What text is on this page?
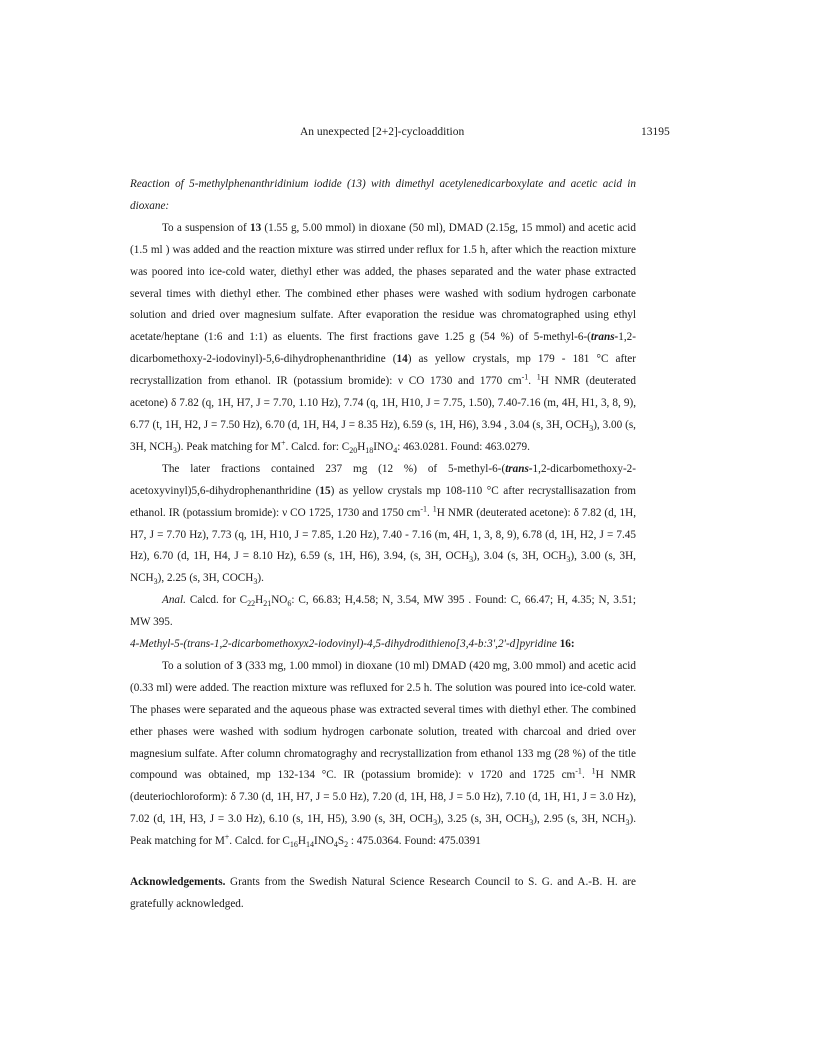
An unexpected [2+2]-cycloaddition	13195

Reaction of 5-methylphenanthridinium iodide (13) with dimethyl acetylenedicarboxylate and acetic acid in dioxane:

To a suspension of 13 (1.55 g, 5.00 mmol) in dioxane (50 ml), DMAD (2.15g, 15 mmol) and acetic acid (1.5 ml ) was added and the reaction mixture was stirred under reflux for 1.5 h, after which the reaction mixture was poored into ice-cold water, diethyl ether was added, the phases separated and the water phase extracted several times with diethyl ether. The combined ether phases were washed with sodium hydrogen carbonate solution and dried over magnesium sulfate. After evaporation the residue was chromatographed using ethyl acetate/heptane (1:6 and 1:1) as eluents. The first fractions gave 1.25 g (54 %) of 5-methyl-6-(trans-1,2-dicarbomethoxy-2-iodovinyl)-5,6-dihydrophenanthridine (14) as yellow crystals, mp 179 - 181 °C after recrystallization from ethanol. IR (potassium bromide): ν CO 1730 and 1770 $cm^{-1}$. $^1$H NMR (deuterated acetone) δ 7.82 (q, 1H, H7, J = 7.70, 1.10 Hz), 7.74 (q, 1H, H10, J = 7.75, 1.50), 7.40-7.16 (m, 4H, H1, 3, 8, 9), 6.77 (t, 1H, H2, J = 7.50 Hz), 6.70 (d, 1H, H4, J = 8.35 Hz), 6.59 (s, 1H, H6), 3.94 , 3.04 (s, 3H, $OCH_3$), 3.00 (s, 3H, $NCH_3$). Peak matching for M+. Calcd. for: $C_{20}H_{18}INO_4$: 463.0281. Found: 463.0279.

The later fractions contained 237 mg (12 %) of 5-methyl-6-(trans-1,2-dicarbomethoxy-2-acetoxyvinyl)5,6-dihydrophenanthridine (15) as yellow crystals mp 108-110 °C after recrystallisazation from ethanol. IR (potassium bromide): ν CO 1725, 1730 and 1750 $cm^{-1}$. $^1$H NMR (deuterated acetone): δ 7.82 (d, 1H, H7, J = 7.70 Hz), 7.73 (q, 1H, H10, J = 7.85, 1.20 Hz), 7.40 - 7.16 (m, 4H, 1, 3, 8, 9), 6.78 (d, 1H, H2, J = 7.45 Hz), 6.70 (d, 1H, H4, J = 8.10 Hz), 6.59 (s, 1H, H6), 3.94, (s, 3H, $OCH_3$), 3.04 (s, 3H, $OCH_3$), 3.00 (s, 3H, $NCH_3$), 2.25 (s, 3H, $COCH_3$).

Anal. Calcd. for $C_{22}H_{21}NO_6$: C, 66.83; H,4.58; N, 3.54, MW 395 . Found: C, 66.47; H, 4.35; N, 3.51; MW 395.

4-Methyl-5-(trans-1,2-dicarbomethoxyx2-iodovinyl)-4,5-dihydrodithieno[3,4-b:3',2'-d]pyridine 16:

To a solution of 3 (333 mg, 1.00 mmol) in dioxane (10 ml) DMAD (420 mg, 3.00 mmol) and acetic acid (0.33 ml) were added. The reaction mixture was refluxed for 2.5 h. The solution was poured into ice-cold water. The phases were separated and the aqueous phase was extracted several times with diethyl ether. The combined ether phases were washed with sodium hydrogen carbonate solution, treated with charcoal and dried over magnesium sulfate. After column chromatograghy and recrystallization from ethanol 133 mg (28 %) of the title compound was obtained, mp 132-134 °C. IR (potassium bromide): ν 1720 and 1725 $cm^{-1}$. $^1$H NMR (deuteriochloroform): δ 7.30 (d, 1H, H7, J = 5.0 Hz), 7.20 (d, 1H, H8, J = 5.0 Hz), 7.10 (d, 1H, H1, J = 3.0 Hz), 7.02 (d, 1H, H3, J = 3.0 Hz), 6.10 (s, 1H, H5), 3.90 (s, 3H, $OCH_3$), 3.25 (s, 3H, $OCH_3$), 2.95 (s, 3H, $NCH_3$). Peak matching for M+. Calcd. for $C_{16}H_{14}INO_4S_2$ : 475.0364. Found: 475.0391

Acknowledgements. Grants from the Swedish Natural Science Research Council to S. G. and A.-B. H. are gratefully acknowledged.
